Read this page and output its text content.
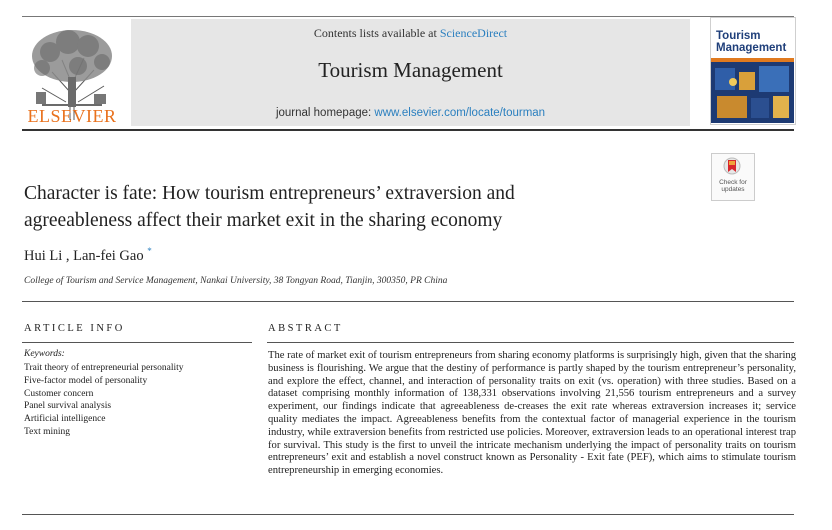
ELSEVIER
Contents lists available at ScienceDirect
Tourism Management
journal homepage: www.elsevier.com/locate/tourman
Tourism
Management
Check for
updates
Character is fate: How tourism entrepreneurs’ extraversion and
agreeableness affect their market exit in the sharing economy
Hui Li , Lan-fei Gao *
College of Tourism and Service Management, Nankai University, 38 Tongyan Road, Tianjin, 300350, PR China
ARTICLE INFO
Keywords:
Trait theory of entrepreneurial personality
Five-factor model of personality
Customer concern
Panel survival analysis
Artificial intelligence
Text mining
ABSTRACT

The rate of market exit of tourism entrepreneurs from sharing economy platforms is surprisingly high, given that the sharing business is flourishing. We argue that the destiny of performance is partly shaped by the tourism entrepreneur’s personality, and explore the effect, channel, and interaction of personality traits on exit (vs. operation) with three studies. Based on a dataset comprising monthly information of 138,331 observations involving 21,556 tourism entrepreneurs and a survey experiment, our findings indicate that agreeableness de-creases the exit rate whereas extraversion increases it; service quality mediates the impact. Agreeableness benefits from the contextual factor of managerial experience in the tourism industry, while extraversion benefits from restricted use policies. Moreover, extraversion leads to an operational interest trap for survival. This study is the first to unveil the intricate mechanism underlying the impact of personality traits on tourism entrepreneurs’ exit and establish a novel construct known as Personality - Exit fate (PEF), which aims to stimulate tourism entrepreneurship in emerging economies.
